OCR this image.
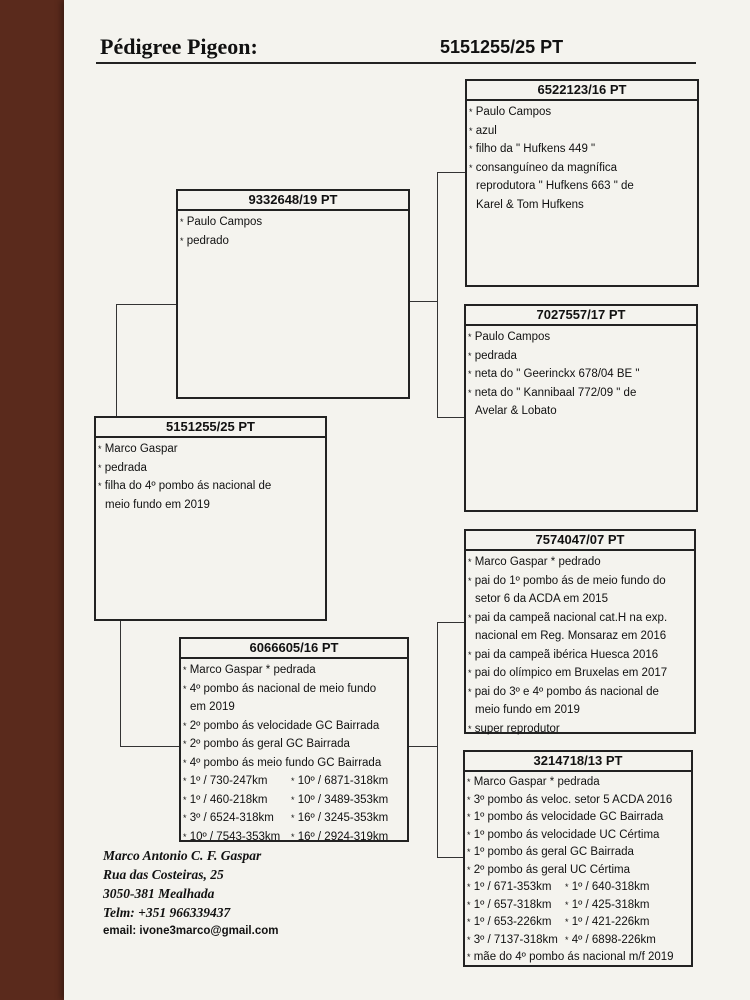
Pédigree Pigeon:	5151255/25 PT
5151255/25 PT
* Marco Gaspar
* pedrada
* filha do 4º pombo ás nacional de
meio fundo em 2019
9332648/19 PT
* Paulo Campos
* pedrado
6066605/16 PT
* Marco Gaspar * pedrada
* 4º pombo ás nacional de meio fundo
em 2019
* 2º pombo ás velocidade GC Bairrada
* 2º pombo ás geral GC Bairrada
* 4º pombo ás meio fundo GC Bairrada
* 1º / 730-247km	* 10º / 6871-318km
* 1º / 460-218km	* 10º / 3489-353km
* 3º / 6524-318km	* 16º / 3245-353km
* 10º / 7543-353km	* 16º / 2924-319km
6522123/16 PT
* Paulo Campos
* azul
* filho da " Hufkens 449 "
* consanguíneo da magnífica
reprodutora " Hufkens 663 " de
Karel & Tom Hufkens
7027557/17 PT
* Paulo Campos
* pedrada
* neta do " Geerinckx 678/04 BE "
* neta do " Kannibaal 772/09 " de
Avelar & Lobato
7574047/07 PT
* Marco Gaspar * pedrado
* pai do 1º pombo ás de meio fundo do
setor 6 da ACDA em 2015
* pai da campeã nacional cat.H na exp.
nacional em Reg. Monsaraz em 2016
* pai da campeã ibérica Huesca 2016
* pai do olímpico em Bruxelas em 2017
* pai do 3º e 4º pombo ás nacional de
meio fundo em 2019
* super reprodutor
3214718/13 PT
* Marco Gaspar * pedrada
* 3º pombo ás veloc. setor 5 ACDA 2016
* 1º pombo ás velocidade GC Bairrada
* 1º pombo ás velocidade UC Cértima
* 1º pombo ás geral GC Bairrada
* 2º pombo ás geral UC Cértima
* 1º / 671-353km	* 1º / 640-318km
* 1º / 657-318km	* 1º / 425-318km
* 1º / 653-226km	* 1º / 421-226km
* 3º / 7137-318km * 4º / 6898-226km
* mãe do 4º pombo ás nacional m/f 2019
Marco Antonio C. F. Gaspar
Rua das Costeiras, 25
3050-381 Mealhada
Telm: +351 966339437
email: ivone3marco@gmail.com
